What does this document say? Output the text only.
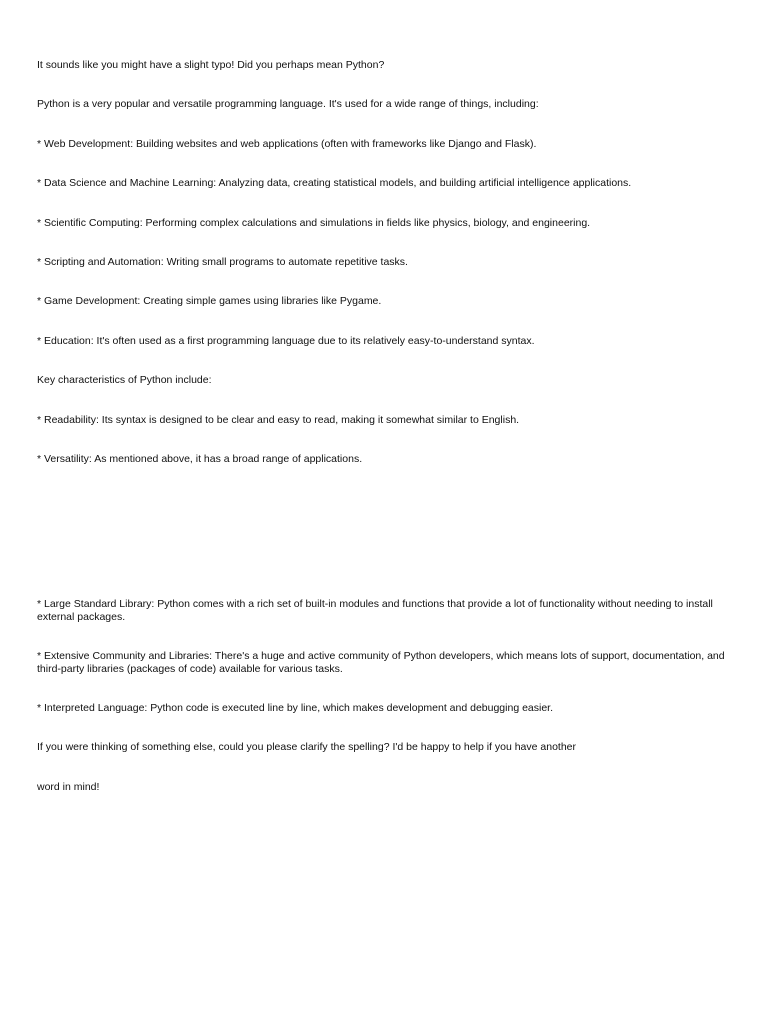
It sounds like you might have a slight typo! Did you perhaps mean Python?

Python is a very popular and versatile programming language. It's used for a wide range of things, including:

* Web Development: Building websites and web applications (often with frameworks like Django and Flask).

* Data Science and Machine Learning: Analyzing data, creating statistical models, and building artificial intelligence applications.

* Scientific Computing: Performing complex calculations and simulations in fields like physics, biology, and engineering.

* Scripting and Automation: Writing small programs to automate repetitive tasks.

* Game Development: Creating simple games using libraries like Pygame.

* Education: It's often used as a first programming language due to its relatively easy-to-understand syntax.

Key characteristics of Python include:

* Readability: Its syntax is designed to be clear and easy to read, making it somewhat similar to English.

* Versatility: As mentioned above, it has a broad range of applications.

* Large Standard Library: Python comes with a rich set of built-in modules and functions that provide a lot of functionality without needing to install external packages.

* Extensive Community and Libraries: There's a huge and active community of Python developers, which means lots of support, documentation, and third-party libraries (packages of code) available for various tasks.

* Interpreted Language: Python code is executed line by line, which makes development and debugging easier.

If you were thinking of something else, could you please clarify the spelling? I'd be happy to help if you have another

word in mind!
